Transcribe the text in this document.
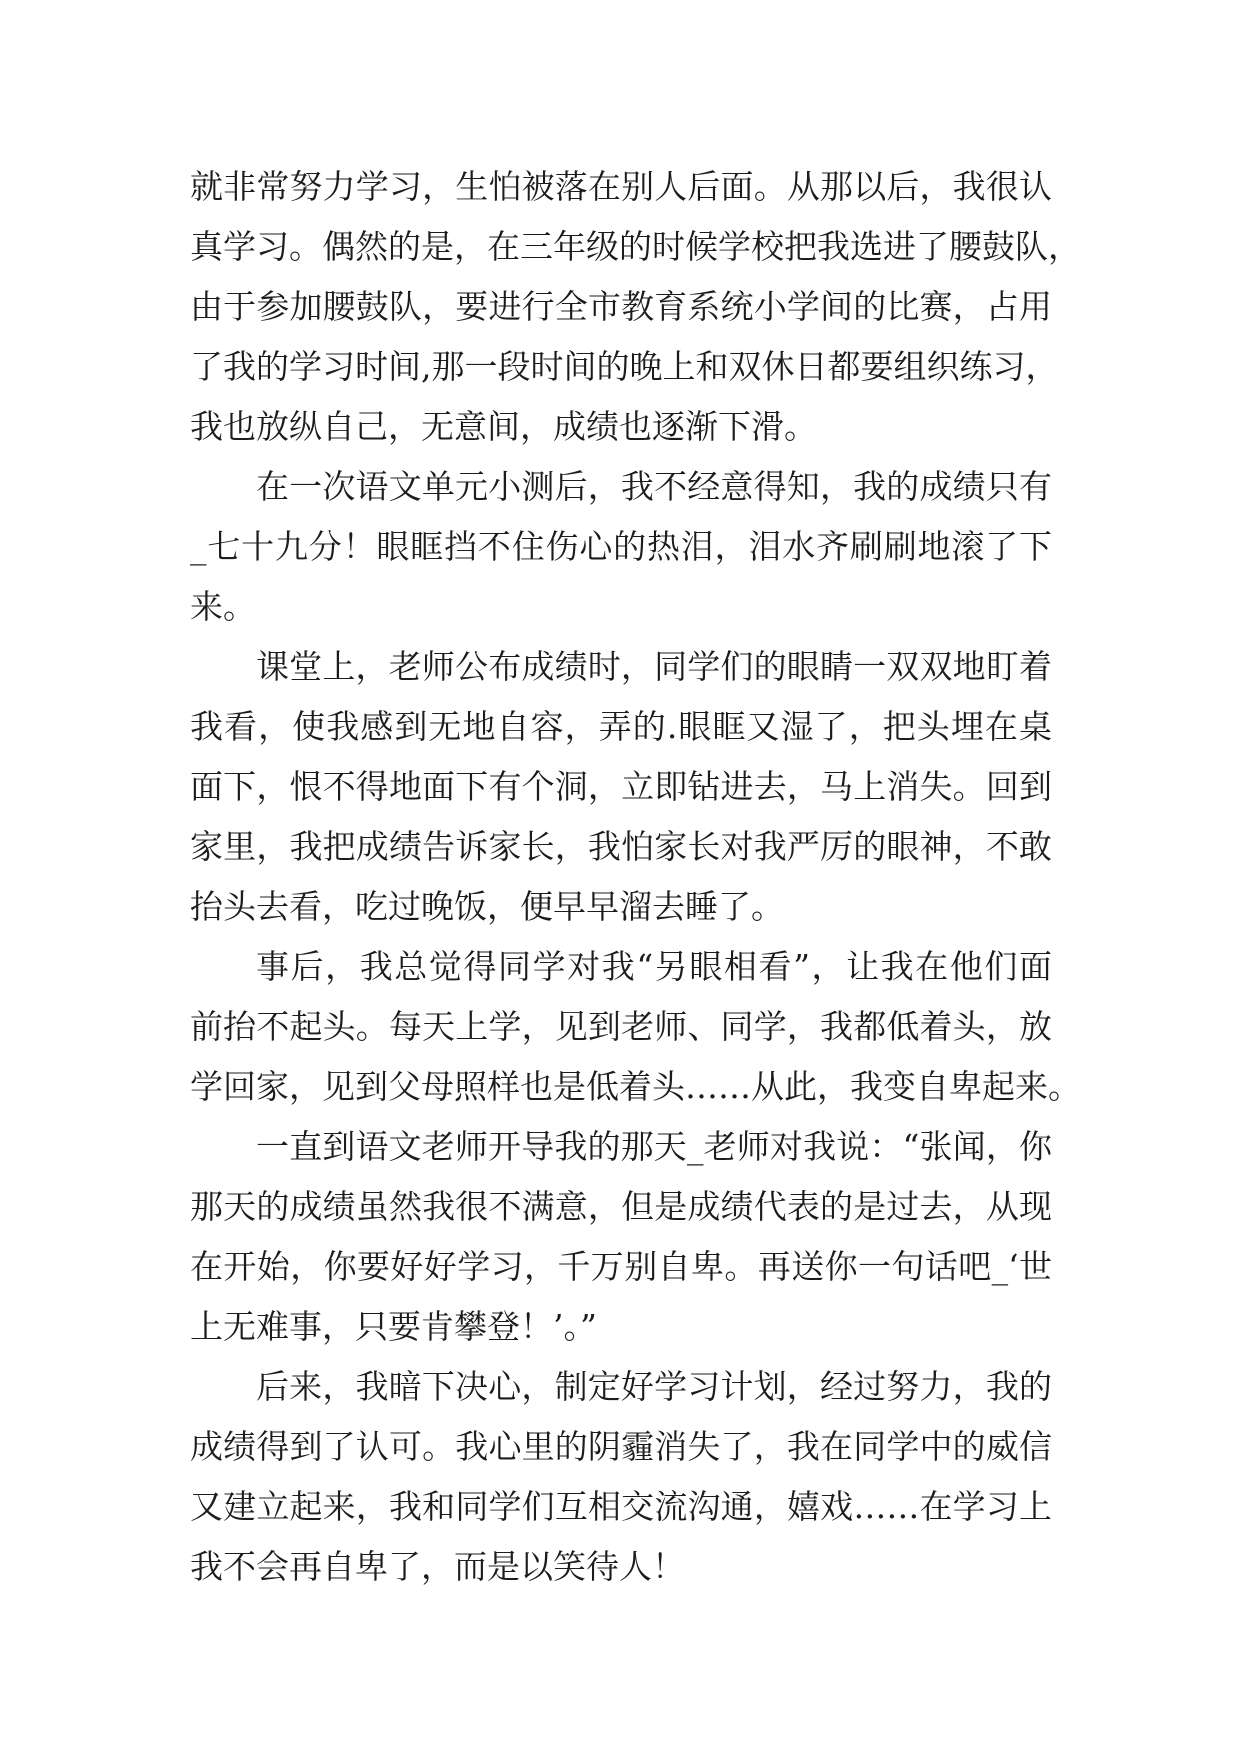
就非常努力学习，生怕被落在别人后面。从那以后，我很认
真学习。偶然的是，在三年级的时候学校把我选进了腰鼓队，
由于参加腰鼓队，要进行全市教育系统小学间的比赛，占用
了我的学习时间,那一段时间的晚上和双休日都要组织练习，
我也放纵自己，无意间，成绩也逐渐下滑。
在一次语文单元小测后，我不经意得知，我的成绩只有
_七十九分！眼眶挡不住伤心的热泪，泪水齐刷刷地滚了下
来。
课堂上，老师公布成绩时，同学们的眼睛一双双地盯着
我看，使我感到无地自容，弄的.眼眶又湿了，把头埋在桌
面下，恨不得地面下有个洞，立即钻进去，马上消失。回到
家里，我把成绩告诉家长，我怕家长对我严厉的眼神，不敢
抬头去看，吃过晚饭，便早早溜去睡了。
事后，我总觉得同学对我“另眼相看”，让我在他们面
前抬不起头。每天上学，见到老师、同学，我都低着头，放
学回家，见到父母照样也是低着头……从此，我变自卑起来。
一直到语文老师开导我的那天_老师对我说：“张闻，你
那天的成绩虽然我很不满意，但是成绩代表的是过去，从现
在开始，你要好好学习，千万别自卑。再送你一句话吧_‘世
上无难事，只要肯攀登！’。”
后来，我暗下决心，制定好学习计划，经过努力，我的
成绩得到了认可。我心里的阴霾消失了，我在同学中的威信
又建立起来，我和同学们互相交流沟通，嬉戏……在学习上
我不会再自卑了，而是以笑待人！
